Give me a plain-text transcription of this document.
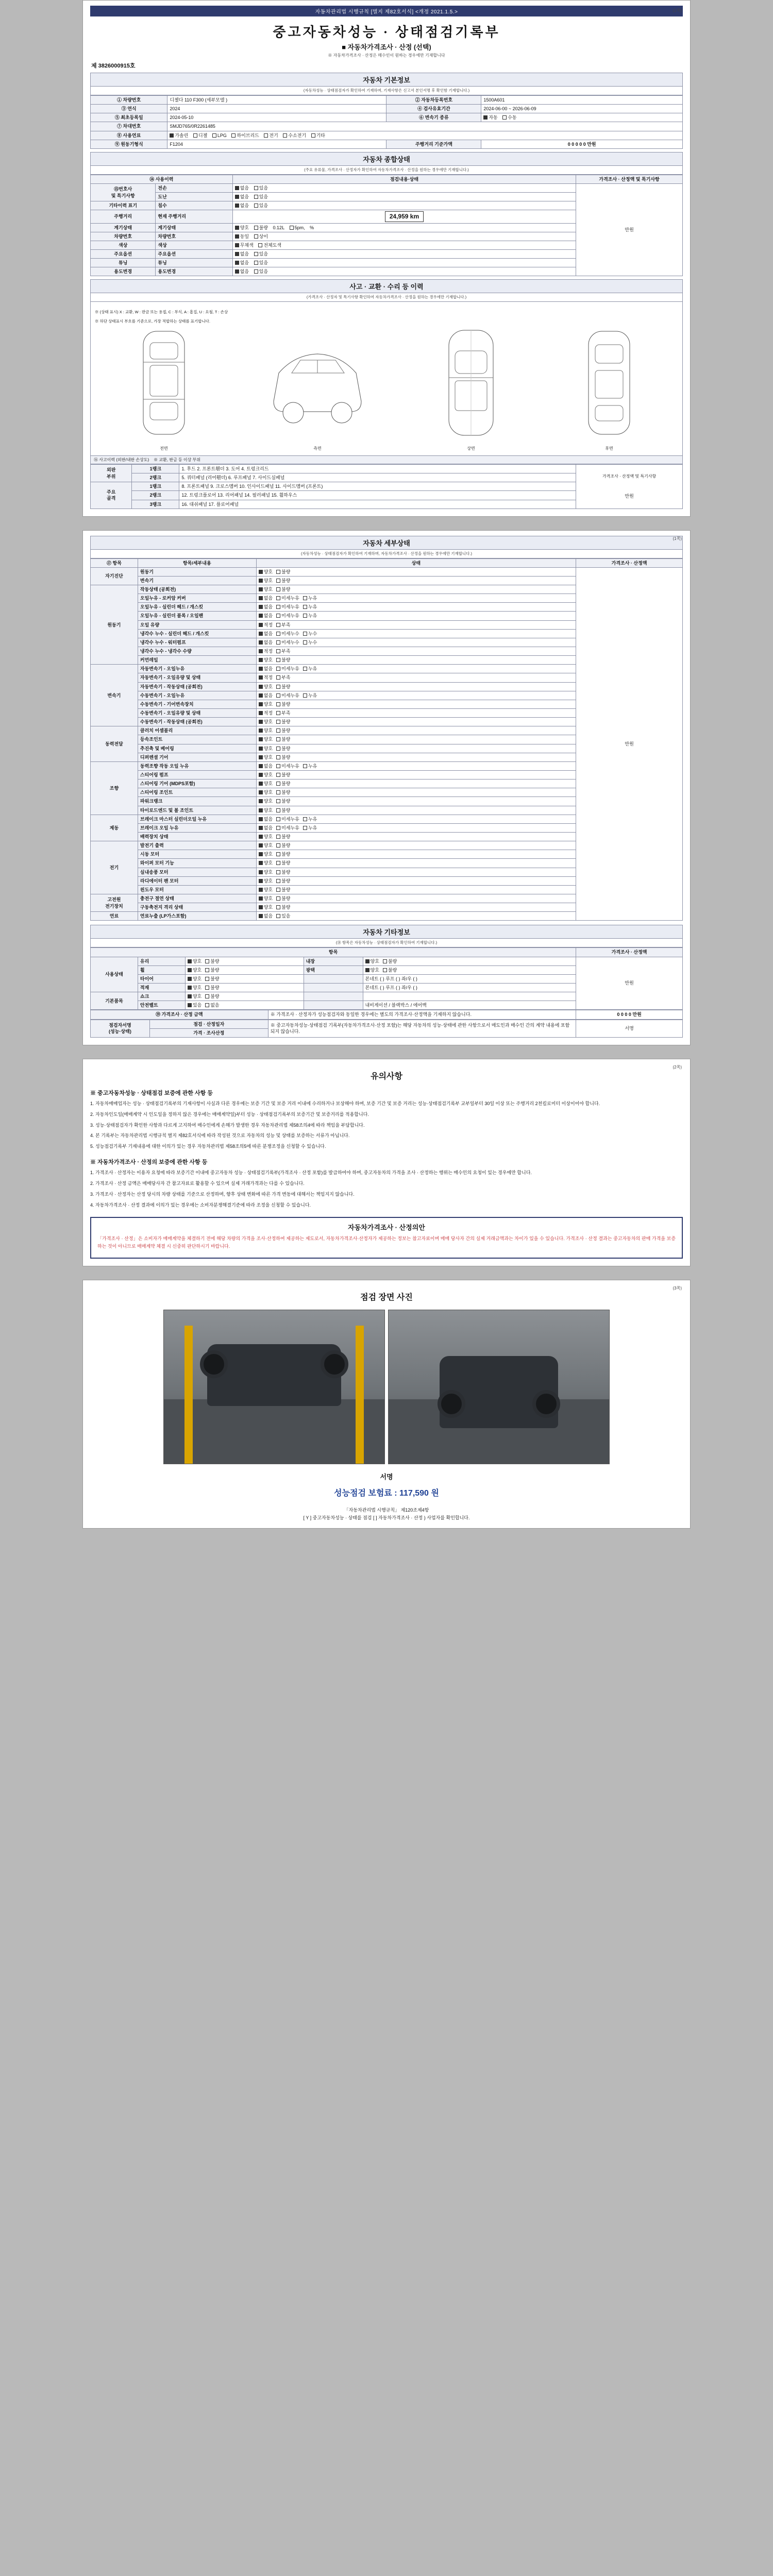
자동차관리법 시행규칙 [별지 제82호서식] <개정 2021.1.5.>	(1쪽)
중고자동차성능 · 상태점검기록부
■ 자동차가격조사 · 산정 (선택)
※ 자동차가격조사 · 산정은 매수인이 원하는 경우에만 기재합니다
제 3826000915호
자동차 기본정보
(자동차성능 · 상태점검자가 확인하여 기재하며, 기재사항은 신고서 본인서명 후 확인함 기재합니다.)
① 차량번호	디젤다 110 F300 (세부모델 )	② 자동차등록번호	1500A601
③ 연식	2024	④ 검사유효기간	2024-06-00 ~ 2026-06-09
⑤ 최초등록일	2024-05-10	⑥ 변속기 종류	자동 수동
⑦ 차대번호	SMJD765/0R2261485		
⑧ 사용연료	가솔린 디젤 LPG 하이브리드 전기 수소전기 기타		
⑨ 원동기형식	F1204	주행거리 기준가액	0 0 0 0 0 만원
자동차 종합상태
(주요 유류물, 가격조사 · 산정자가 확인하여 자동차가격조사 · 산정을 원하는 경우에만 기재합니다.)
⑭ 사용이력		점검내용·상태	가격조사 · 산정액 및 특기사항
⑮번호사
및 특기사항	전손	없음 있음	만원
	도난	없음 있음	
기타이력 표기	침수	없음 있음	
주행거리	현재 주행거리	24,959 km	
계기상태	계기상태	양호 불량 0.12L 5pm, %	
차량번호	차량번호	동일 상이	
색상	색상	무채색 전체도색	
주요옵션	주요옵션	없음 있음	
튜닝	튜닝	없음 있음	
용도변경	용도변경	없음 있음	
사고 · 교환 · 수리 등 이력
(가격조사 · 산정자 및 특기사항 확인하여 자동차가격조사 · 산정을 원하는 경우에만 기재합니다.)
※ (상태 표시) X : 교환, W : 판금 또는 용접, C : 부식, A : 흠집, U : 요철, T : 손상
※ 하단 상태표시 부호를 기준으로, 가장 적합하는 상태를 표기합니다.
전면	측면	상면	후면
⑯ 사고이력 (외판/내판 손상도) ※ 교환, 판금 등 이상 부위
외판
부위	1랭크	1. 후드 2. 프론트휀더 3. 도어 4. 트렁크리드	
가격조사 · 산정액 및 특기사항
만원

	2랭크	5. 쿼터패널 (리어휀더) 6. 루프패널 7. 사이드실패널	
주요
골격	1랭크	8. 프론트패널 9. 크로스멤버 10. 인사이드패널 11. 사이드멤버 (프론트)	
	2랭크	12. 트렁크플로어 13. 리어패널 14. 필러패널 15. 휠하우스	
	3랭크	16. 대쉬패널 17. 플로어패널	
(1쪽)
자동차 세부상태
(자동차성능 · 상태점검자가 확인하여 기재하며, 자동차가격조사 · 산정을 원하는 경우에만 기재합니다.)
⑰ 항목	항목/세부내용	상태	가격조사 · 산정액
자기진단	원동기	양호 불량	만원
	변속기	양호 불량	
원동기	작동상태 (공회전)	양호 불량	
	오일누유 - 로커암 커버	없음 미세누유 누유	
	오일누유 - 실린더 헤드 / 개스킷	없음 미세누유 누유	
	오일누유 - 실린더 블록 / 오일팬	없음 미세누유 누유	
	오일 유량	적정 부족	
	냉각수 누수 - 실린더 헤드 / 개스킷	없음 미세누수 누수	
	냉각수 누수 - 워터펌프	없음 미세누수 누수	
	냉각수 누수 - 냉각수 수량	적정 부족	
	커먼레일	양호 불량	
변속기	자동변속기 - 오일누유	없음 미세누유 누유	
	자동변속기 - 오일유량 및 상태	적정 부족	
	자동변속기 - 작동상태 (공회전)	양호 불량	
	수동변속기 - 오일누유	없음 미세누유 누유	
	수동변속기 - 기어변속장치	양호 불량	
	수동변속기 - 오일유량 및 상태	적정 부족	
	수동변속기 - 작동상태 (공회전)	양호 불량	
동력전달	클러치 어셈블리	양호 불량	
	등속조인트	양호 불량	
	추진축 및 베어링	양호 불량	
	디퍼렌셜 기어	양호 불량	
조향	동력조향 작동 오일 누유	없음 미세누유 누유	
	스티어링 펌프	양호 불량	
	스티어링 기어 (MDPS포함)	양호 불량	
	스티어링 조인트	양호 불량	
	파워크랭크	양호 불량	
	타이로드엔드 및 볼 조인트	양호 불량	
제동	브레이크 마스터 실린더오일 누유	없음 미세누유 누유	
	브레이크 오일 누유	없음 미세누유 누유	
	배력장치 상태	양호 불량	
전기	발전기 출력	양호 불량	
	시동 모터	양호 불량	
	와이퍼 모터 기능	양호 불량	
	실내송풍 모터	양호 불량	
	라디에이터 팬 모터	양호 불량	
	윈도우 모터	양호 불량	
고전원
전기장치	충전구 절연 상태	양호 불량	
	구동축전지 격리 상태	양호 불량	
연료	연료누출 (LP가스포함)	없음 있음	
자동차 기타정보
(⑱ 항목은 자동차성능 · 상태점검자가 확인하여 기재합니다.)
항목					가격조사 · 산정액
사용상태	유리	양호 불량	내장	양호 불량	만원
	휠	양호 불량	광택	양호 불량	
	타이어	양호 불량		본네트 ( ) 루프 ( ) 좌/우 ( )	
	적재	양호 불량		본네트 ( ) 루프 ( ) 좌/우 ( )	
기본품목	쇼크	양호 불량			
	안전벨트	있음 없음		내비게이션 / 블랙박스 / 에어백	
⑲ 가격조사 · 산정 금액	※ 가격조사 · 산정자가 성능점검자와 동일한 경우에는 별도의 가격조사·산정액을 기재하지 않습니다.	0 0 0 0 만원
점검자서명
(성능·상태)	점검 · 산정일자	※ 중고자동차성능·상태점검 기록부(자동차가격조사·산정 포함)는 해당 자동차의 성능·상태에 관한 사항으로서 매도인과 매수인 간의 계약 내용에 포함되지 않습니다.	서명
가격 · 조사산정
(2쪽)
유의사항
※ 중고자동차성능 · 상태점검 보증에 관한 사항 등

1. 자동차매매업자는 성능 · 상태점검기록부의 기재사항이 사실과 다른 경우에는 보증 기간 및 보증 거리 이내에 수리하거나 보상해야 하며, 보증 기간 및 보증 거리는 성능·상태점검기록부 교부일부터 30일 이상 또는 주행거리 2천킬로미터 이상이어야 합니다.

2. 자동차인도일(매매계약 시 인도일을 정하지 않은 경우에는 매매계약일)부터 성능 · 상태점검기록부의 보증기간 및 보증거리를 적용합니다.

3. 성능·상태점검자가 확인한 사항과 다르게 고지하여 매수인에게 손해가 발생한 경우 자동차관리법 제58조의4에 따라 책임을 부담합니다.

4. 본 기록부는 자동차관리법 시행규칙 별지 제82호서식에 따라 작성된 것으로 자동차의 성능 및 상태를 보증하는 서류가 아닙니다.

5. 성능점검기록부 기재내용에 대한 이의가 있는 경우 자동차관리법 제58조의5에 따른 분쟁조정을 신청할 수 있습니다.

※ 자동차가격조사 · 산정의 보증에 관한 사항 등

1. 가격조사 · 산정자는 이용자 요청에 따라 보증기간 이내에 중고자동차 성능 · 상태점검기록부(가격조사 · 산정 포함)를 발급하여야 하며, 중고자동차의 가격을 조사 · 산정하는 행위는 매수인의 요청이 있는 경우에만 합니다.

2. 가격조사 · 산정 금액은 매매당사자 간 참고자료로 활용할 수 있으며 실제 거래가격과는 다를 수 있습니다.

3. 가격조사 · 산정자는 산정 당시의 차량 상태를 기준으로 산정하며, 향후 상태 변화에 따른 가격 변동에 대해서는 책임지지 않습니다.

4. 자동차가격조사 · 산정 결과에 이의가 있는 경우에는 소비자분쟁해결기준에 따라 조정을 신청할 수 있습니다.

자동차가격조사 · 산정의안
「가격조사 · 산정」은 소비자가 매매계약을 체결하기 전에 해당 차량의 가격을 조사·산정하여 제공하는 제도로서, 자동차가격조사·산정자가 제공하는 정보는 참고자료이며 매매 당사자 간의 실제 거래금액과는 차이가 있을 수 있습니다. 가격조사 · 산정 결과는 중고자동차의 판매 가격을 보증하는 것이 아니므로 매매계약 체결 시 신중히 판단하시기 바랍니다.
(3쪽)
점검 장면 사진
서명
성능점검 보험료 : 117,590 원
「자동차관리법 시행규칙」 제120조제4항
[ Y ] 중고자동차성능 · 상태를 점검 [ ] 자동차가격조사 · 산정 ) 사업자를 확인합니다.
